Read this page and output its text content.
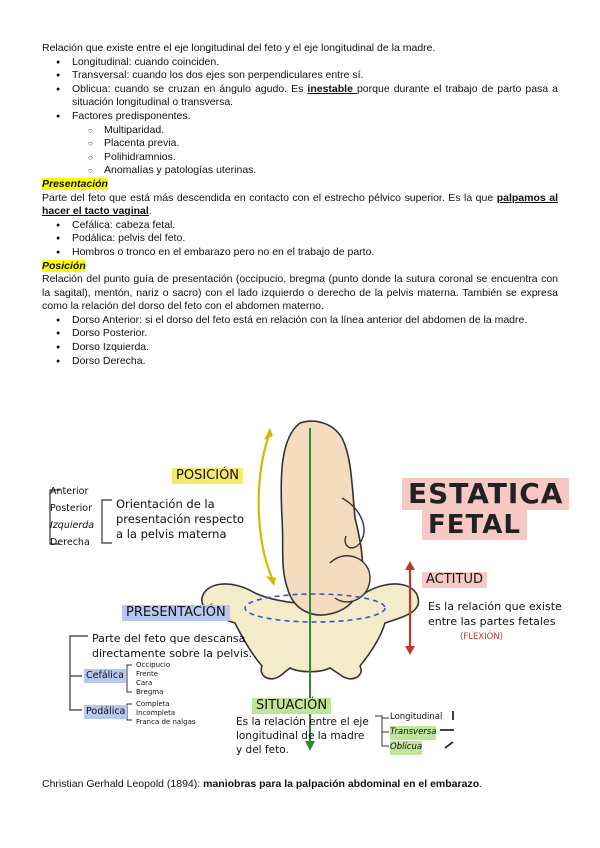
Relación que existe entre el eje longitudinal del feto y el eje longitudinal de la madre.

● Longitudinal: cuando coinciden.
● Transversal: cuando los dos ejes son perpendiculares entre sí.
● Oblicua: cuando se cruzan en ángulo agudo. Es inestable porque durante el trabajo de parto pasa a situación longitudinal o transversa.
● Factores predisponentes.
○ Multiparidad.
○ Placenta previa.
○ Polihidramnios.
○ Anomalías y patologías uterinas.

Presentación

Parte del feto que está más descendida en contacto con el estrecho pélvico superior. Es la que palpamos al hacer el tacto vaginal.

● Cefálica: cabeza fetal.
● Podálica: pelvis del feto.
● Hombros o tronco en el embarazo pero no en el trabajo de parto.

Posición

Relación del punto guía de presentación (occipucio, bregma (punto donde la sutura coronal se encuentra con la sagital), mentón, nariz o sacro) con el lado izquierdo o derecho de la pelvis materna. También se expresa como la relación del dorso del feto con el abdomen materno.

● Dorso Anterior: si el dorso del feto está en relación con la línea anterior del abdomen de la madre.
● Dorso Posterior.
● Dorso Izquierda.
● Dorso Derecha.
ESTATICA
FETAL
POSICIÓN
Anterior
Posterior
Izquierda
Derecha
Orientación de la
presentación respecto
a la pelvis materna
ACTITUD
Es la relación que existe
entre las partes fetales
(FLEXIÓN)
PRESENTACIÓN
Parte del feto que descansa
directamente sobre la pelvis.
Cefálica
Occipucio
Frente
Cara
Bregma
Podálica
Completa
Incompleta
Franca de nalgas
SITUACIÓN
Es la relación entre el eje
longitudinal de la madre
y del feto.
Longitudinal
Transversa
Oblicua

Christian Gerhald Leopold (1894): maniobras para la palpación abdominal en el embarazo.
